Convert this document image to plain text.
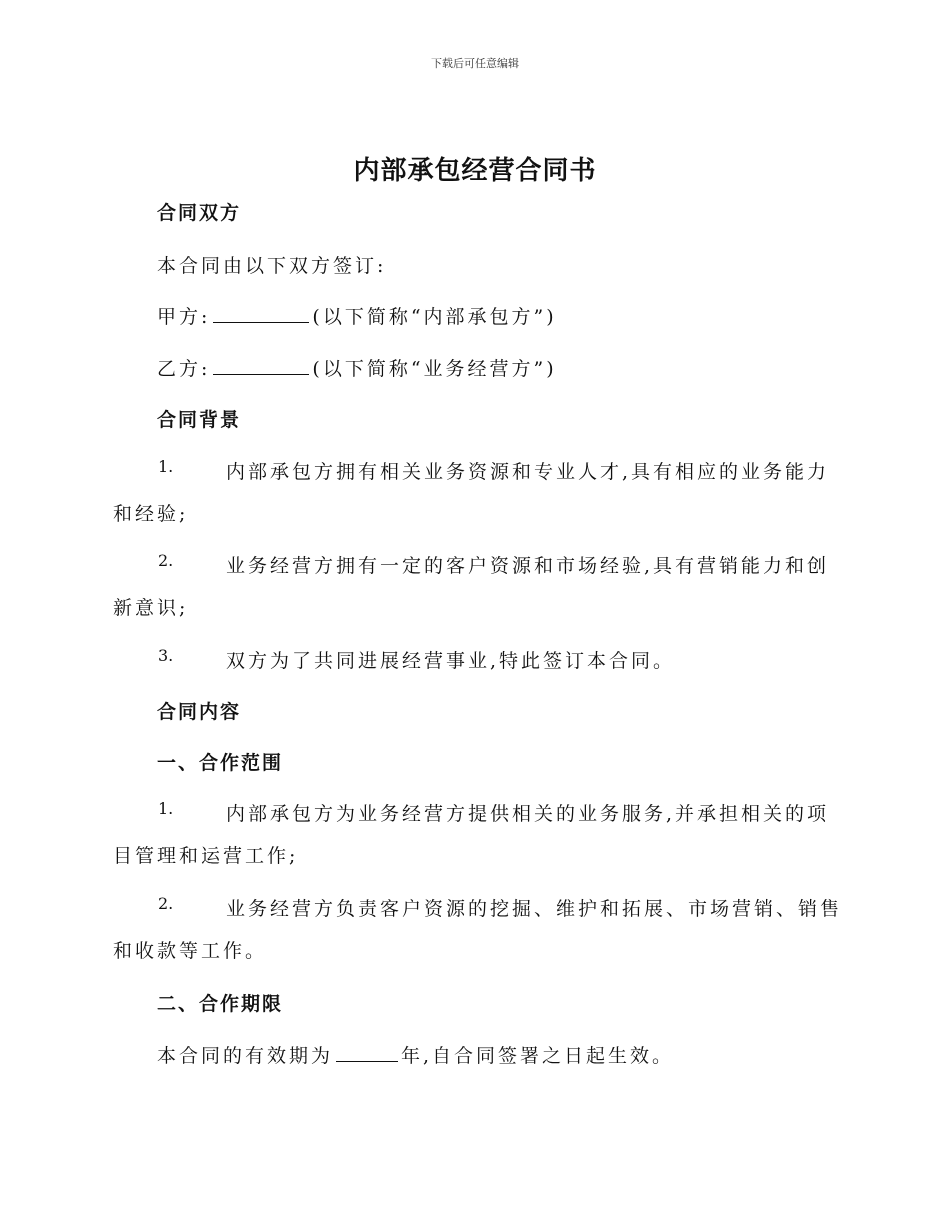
下载后可任意编辑
内部承包经营合同书
合同双方
本合同由以下双方签订:
甲方:	(以下简称“内部承包方”)
乙方:	(以下简称“业务经营方”)
合同背景
1.	内部承包方拥有相关业务资源和专业人才,具有相应的业务能力
和经验;
2.	业务经营方拥有一定的客户资源和市场经验,具有营销能力和创
新意识;
3.	双方为了共同进展经营事业,特此签订本合同。
合同内容
一、合作范围
1.	内部承包方为业务经营方提供相关的业务服务,并承担相关的项
目管理和运营工作;
2.	业务经营方负责客户资源的挖掘、维护和拓展、市场营销、销售
和收款等工作。
二、合作期限
本合同的有效期为	年,自合同签署之日起生效。
